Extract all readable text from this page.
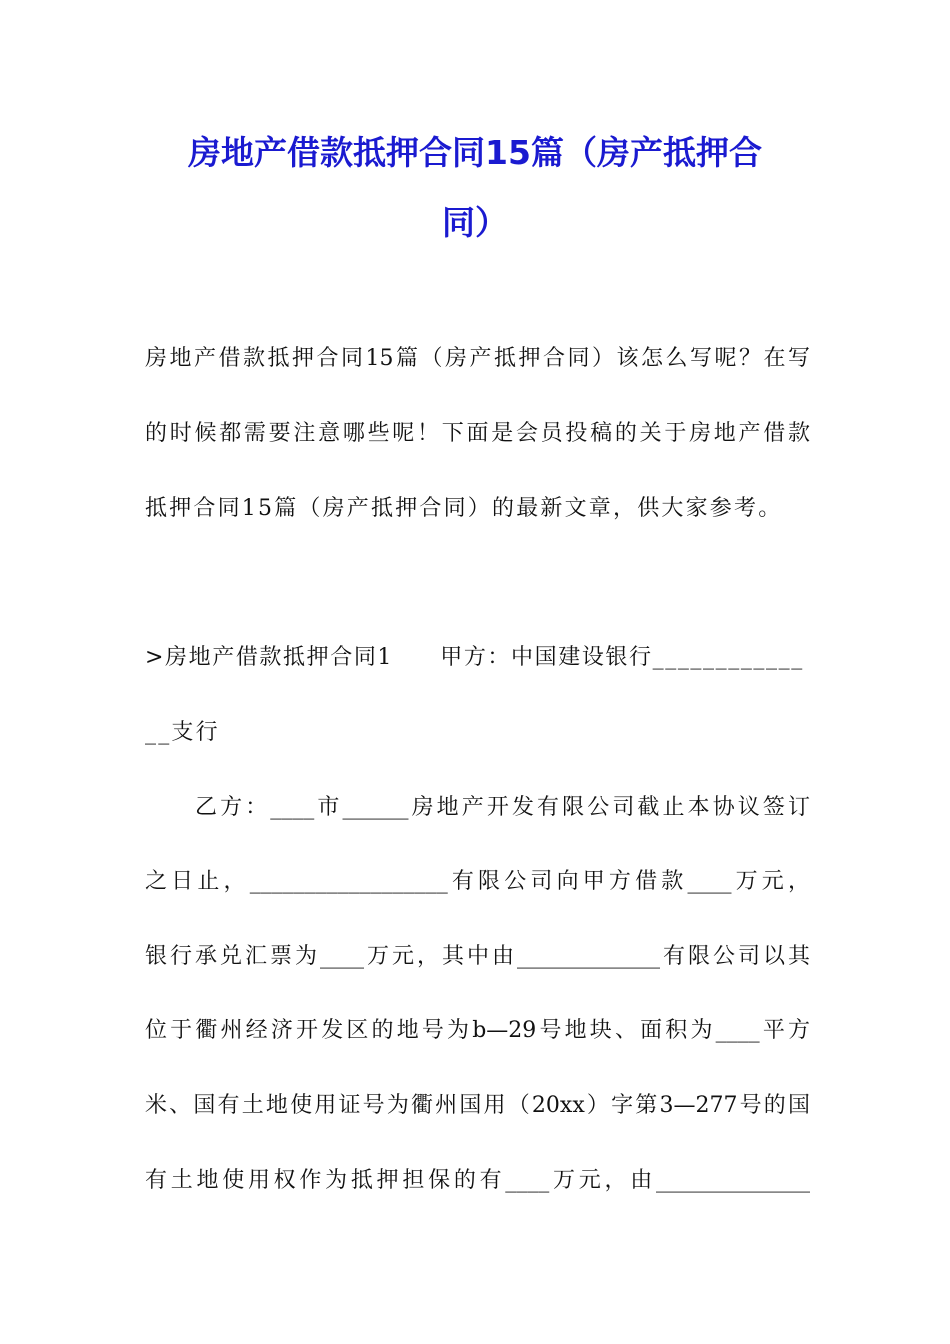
房地产借款抵押合同15篇（房产抵押合
同）
房地产借款抵押合同15篇（房产抵押合同）该怎么写呢？在写
的时候都需要注意哪些呢！下面是会员投稿的关于房地产借款
抵押合同15篇（房产抵押合同）的最新文章，供大家参考。
>房地产借款抵押合同1　　甲方：中国建设银行____________
__支行
乙方：____市______房地产开发有限公司截止本协议签订
之日止，__________________有限公司向甲方借款____万元，
银行承兑汇票为____万元，其中由_____________有限公司以其
位于衢州经济开发区的地号为b—29号地块、面积为____平方
米、国有土地使用证号为衢州国用（20xx）字第3—277号的国
有土地使用权作为抵押担保的有____万元，由______________
